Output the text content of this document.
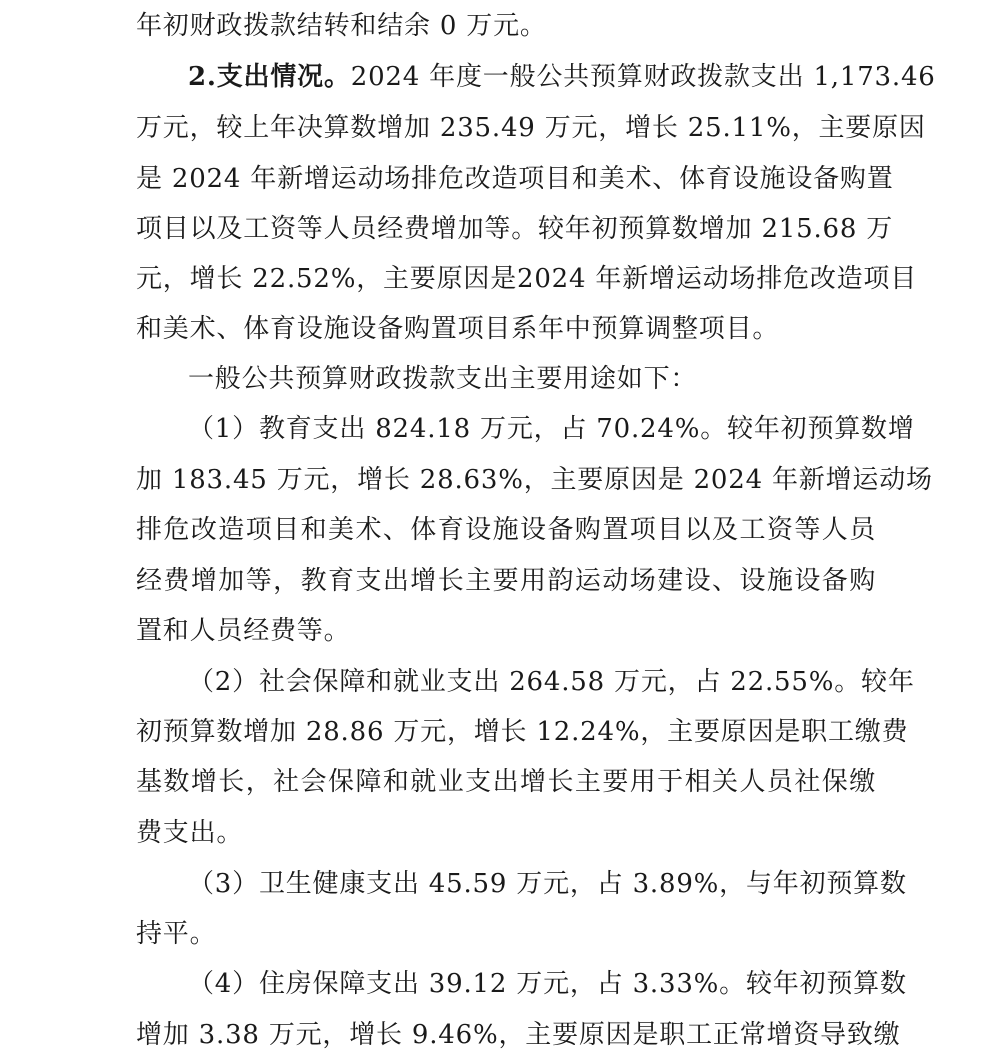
年初财政拨款结转和结余 0 万元。
2.支出情况。2024 年度一般公共预算财政拨款支出 1,173.46
万元，较上年决算数增加 235.49 万元，增长 25.11%，主要原因
是 2024 年新增运动场排危改造项目和美术、体育设施设备购置
项目以及工资等人员经费增加等。较年初预算数增加 215.68 万
元，增长 22.52%，主要原因是2024 年新增运动场排危改造项目
和美术、体育设施设备购置项目系年中预算调整项目。
一般公共预算财政拨款支出主要用途如下：
（1）教育支出 824.18 万元，占 70.24%。较年初预算数增
加 183.45 万元，增长 28.63%，主要原因是 2024 年新增运动场
排危改造项目和美术、体育设施设备购置项目以及工资等人员
经费增加等，教育支出增长主要用韵运动场建设、设施设备购
置和人员经费等。
（2）社会保障和就业支出 264.58 万元，占 22.55%。较年
初预算数增加 28.86 万元，增长 12.24%，主要原因是职工缴费
基数增长，社会保障和就业支出增长主要用于相关人员社保缴
费支出。
（3）卫生健康支出 45.59 万元，占 3.89%，与年初预算数
持平。
（4）住房保障支出 39.12 万元，占 3.33%。较年初预算数
增加 3.38 万元，增长 9.46%，主要原因是职工正常增资导致缴
